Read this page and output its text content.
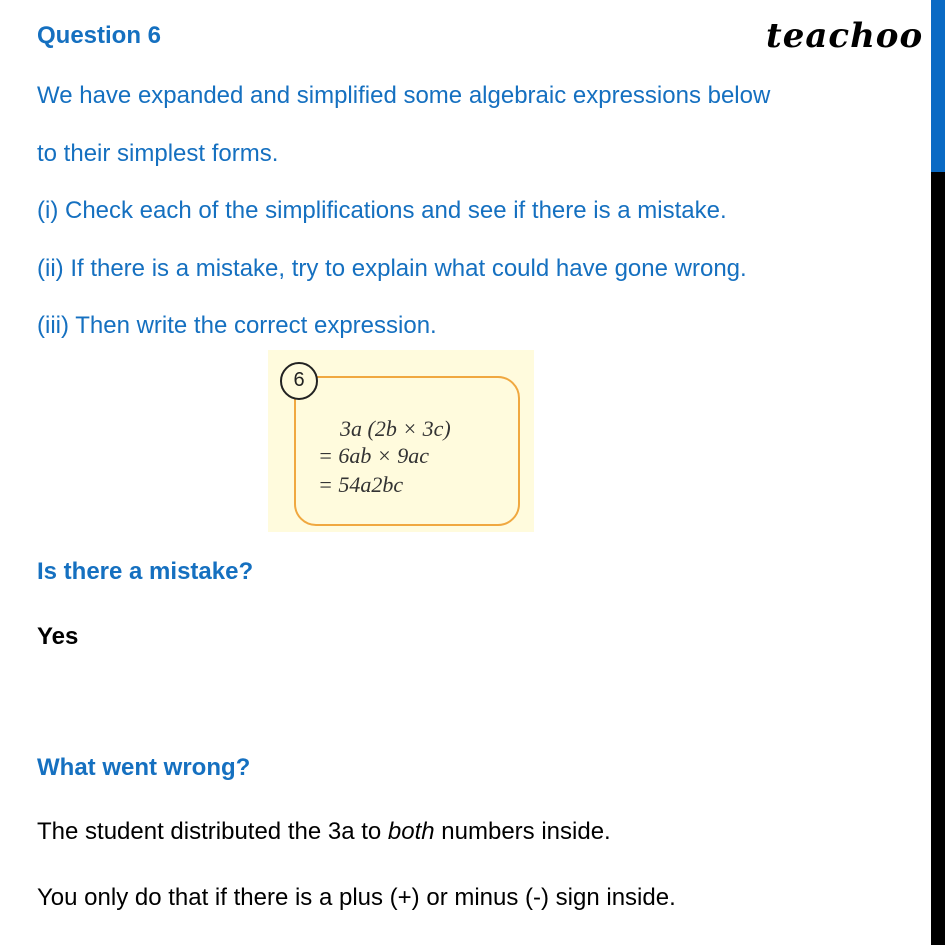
Question 6	teachoo
We have expanded and simplified some algebraic expressions below
to their simplest forms.
(i) Check each of the simplifications and see if there is a mistake.
(ii) If there is a mistake, try to explain what could have gone wrong.
(iii) Then write the correct expression.
6
3a (2b × 3c)
= 6ab × 9ac
= 54a2bc
Is there a mistake?
Yes
What went wrong?
The student distributed the 3a to both numbers inside.
You only do that if there is a plus (+) or minus (-) sign inside.
